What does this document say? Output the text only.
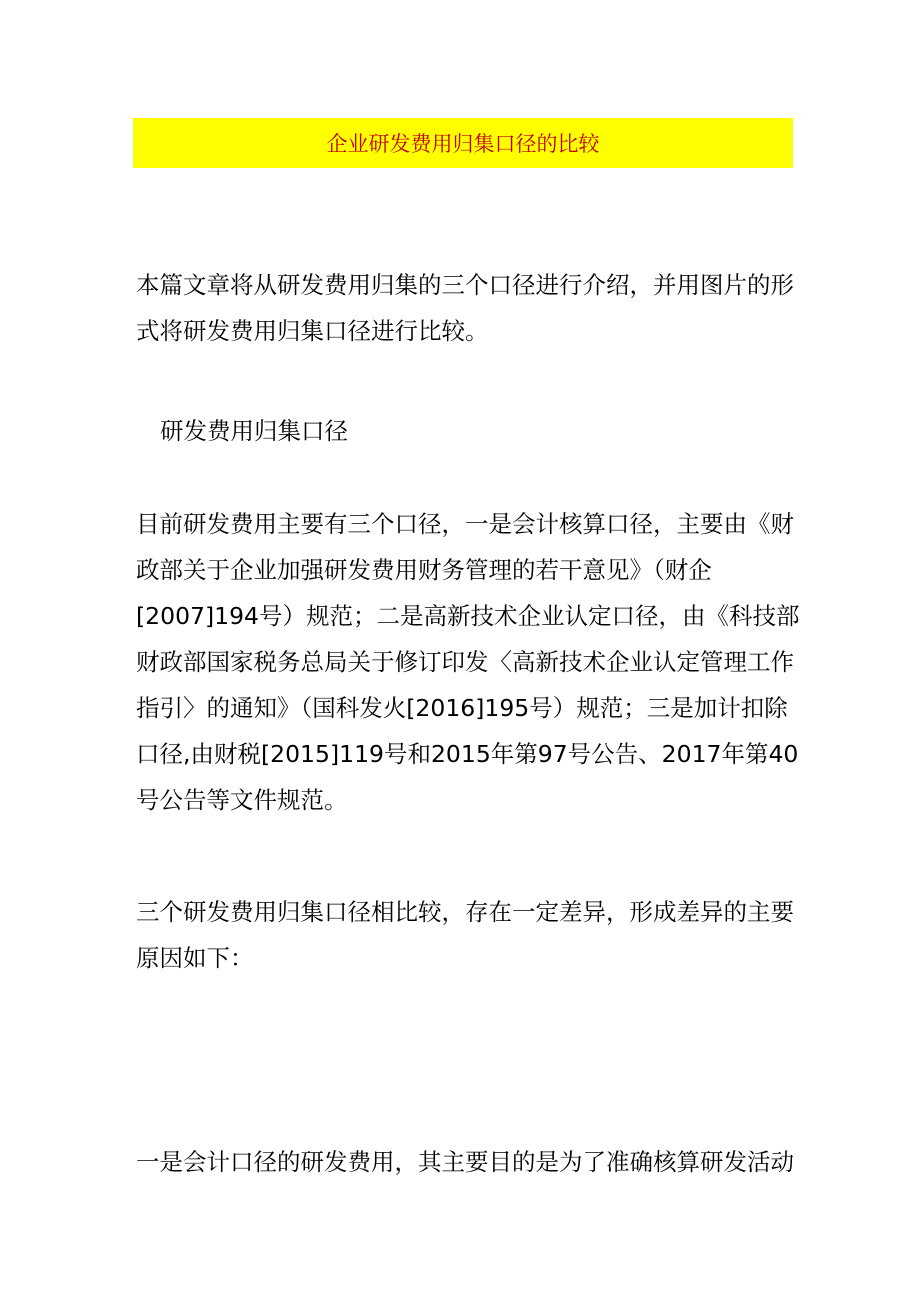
企业研发费用归集口径的比较
本篇文章将从研发费用归集的三个口径进行介绍，并用图片的形
式将研发费用归集口径进行比较。
研发费用归集口径
目前研发费用主要有三个口径，一是会计核算口径，主要由《财
政部关于企业加强研发费用财务管理的若干意见》（财企
[2007]194号）规范；二是高新技术企业认定口径，由《科技部
财政部国家税务总局关于修订印发〈高新技术企业认定管理工作
指引〉的通知》（国科发火[2016]195号）规范；三是加计扣除
口径,由财税[2015]119号和2015年第97号公告、2017年第40
号公告等文件规范。
三个研发费用归集口径相比较，存在一定差异，形成差异的主要
原因如下：
一是会计口径的研发费用，其主要目的是为了准确核算研发活动
